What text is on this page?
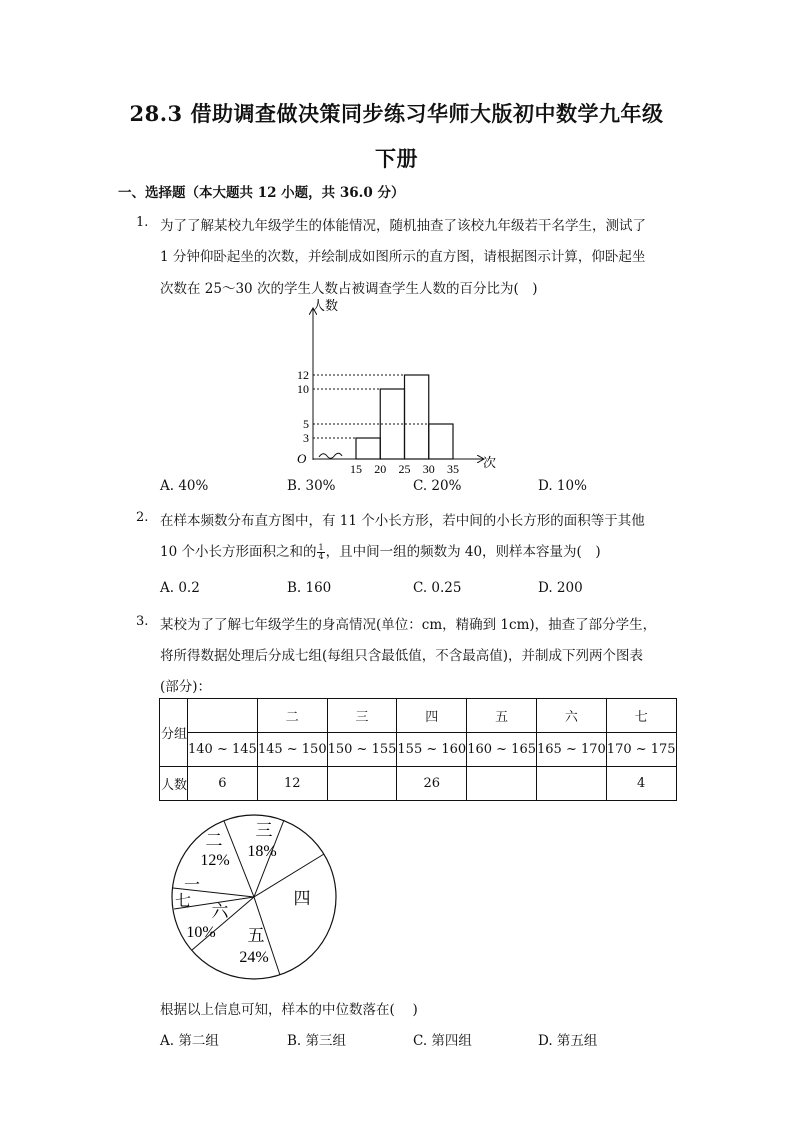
28.3 借助调查做决策同步练习华师大版初中数学九年级
下册
一、选择题（本大题共 12 小题，共 36.0 分）
1. 为了了解某校九年级学生的体能情况，随机抽查了该校九年级若干名学生，测试了
1 分钟仰卧起坐的次数，并绘制成如图所示的直方图，请根据图示计算，仰卧起坐
次数在 25～30 次的学生人数占被调查学生人数的百分比为(　)
人数
次
O
3
5
10
12
15 20 25 30 35
A. 40%	B. 30%	C. 20%	D. 10%
2. 在样本频数分布直方图中，有 11 个小长方形，若中间的小长方形的面积等于其他
10 个小长方形面积之和的 $\frac{1}{4}$ ，且中间一组的频数为 40，则样本容量为(　)
A. 0.2	B. 160	C. 0.25	D. 200
3. 某校为了了解七年级学生的身高情况(单位：cm，精确到 1cm)，抽查了部分学生，
将所得数据处理后分成七组(每组只含最低值，不含最高值)，并制成下列两个图表
(部分)：
分组		二	三	四	五	六	七
	140 ~ 145	145 ~ 150	150 ~ 155	155 ~ 160	160 ~ 165	165 ~ 170	170 ~ 175
人数	6	12		26			4
二
12%
三
18%
四
五
24%
六
10%
七
一
根据以上信息可知，样本的中位数落在(　 )
A. 第二组	B. 第三组	C. 第四组	D. 第五组
